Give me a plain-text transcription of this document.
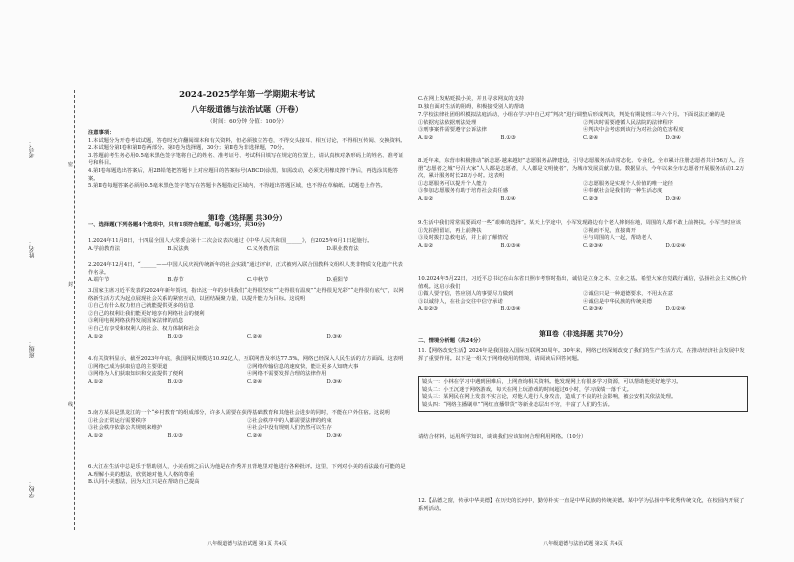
考号：
姓名：
班级：
学校：
密
封
线
2024-2025学年第一学期期末考试
八年级道德与法治试题（开卷）
（时间：60分钟 分值：100分）

注意事项：

1.本试题分为开卷考试试题，答卷时允许翻阅课本和有关资料，但必须独立答卷，不得交头接耳、相互讨论，不得相互传阅、交换资料。

2.本试题分第Ⅰ卷和第Ⅱ卷两部分。第Ⅰ卷为选择题，30分；第Ⅱ卷为非选择题，70分。

3.答题前考生务必用0.5毫米黑色签字笔将自己的姓名、准考证号、考试科目填写在规定的位置上，请认真核对条形码上的姓名、准考证号和科目。

4.第Ⅰ卷每题选出答案后，用2B铅笔把答题卡上对应题目的答案标号(ABCD)涂黑，如需改动，必须先用橡皮擦干净后，再选涂其他答案。

5.第Ⅱ卷每题答案必须用0.5毫米黑色签字笔写在答题卡各题指定区域内，不得超出答题区域，也不得在草稿纸、试题卷上作答。

第Ⅰ卷（选择题 共30分）

一、选择题(下列各题4个选项中，只有1项符合题意，每小题3分，共30分)

1.2024年11月8日，十四届全国人大常委会第十二次会议表决通过《中华人民共和国______》，自2025年6月1日起施行。

A.学前教育法	B.民法典	C.义务教育法	D.职业教育法

2.2024年12月4日，“______——中国人民庆祝传统新年的社会实践”通过评审，正式被列入联合国教科文组织人类非物质文化遗产代表作名录。

A.端午节	B.春节	C.中秋节	D.重阳节

3.国家主席习近平发表的2024年新年贺词，指出这一年的步伐我们“走得很坚实”“走得很有温度”“走得很见光彩”“走得很有底气”，以网络新生活方式为起点展现社会关系的紧密互动，以团结凝聚力量，以提升能力为目标。这说明

①自己有什么权力但自己就能提供更多的信息

②自己的权利让我们能更好地享有网络社会的便利

③利用电视网络获得发展国家法律的消息

④自己有享受和权利人的社会、权力体制和社会

A.①②	B.①③	C.②④	D.③④

4.有关资料显示，截至2023年年底，我国网民规模达10.92亿人，互联网普及率达77.5%。网络已经深入人民生活的方方面面。这表明

①网络已成为获取信息的主要渠道	②网络传输信息的速度快，能让更多人知晓大事
③网络为人们获取知识和交流提供了便利	④网络不需要发挥合理的法律作用
A.①②	B.①③	C.②④	D.③④

5.南方某县是黑龙江的一个“乡村教育”的组成部分，许多人需要在获得基础教育和其他社会进步的同时，不能在户外住宿。这说明

①社会正常运行需要秩序	②社会秩序中的人都需要法律的约束
③社会秩序依靠公共规则来维护	④社会中没有规则人们仍然可以生存
A.①②	B.①③	C.②④	D.③④

6.大江在生活中总是乐于帮助别人，小美看到之后认为他是在作秀并且背地里对他进行各种批评。这里，下列对小美的看法最有可能的是

A.理解小美的想法，欣赏她对他人人格的尊重

B.认同小美想法，因为大江只是在帮助自己提高

八年级道德与法治试题 第1页 共4页

C.在网上发帖贬损小美，并且寻求网友的支持

D.独自面对生活的阻碍，积极接受别人的帮助

7.学校法律社团组织模拟法庭活动，小组在学习中自己对“判决”进行调整后形成判决，判处有期徒刑三年六个月。下面说法正确的是

①依据宪法依据刑法处理	②判决时需要遵循人民法院的法律程序
③刑事案件需要遵守公诉法律	④判决中会考虑到该行为对社会的危害程度
A.①②	B.①③	C.②④	D.③④

8.近年来，东营市积极推动“新志愿·越来越好”志愿服务品牌建设，引导志愿服务活动常态化、专业化。全市累计注册志愿者共计56万人。注册“志愿者之城”号召大家“人人都是志愿者，人人都是文明使者”，为城市发展贡献力量。数据显示，今年以来全市志愿者开展服务活动1.2万次，累计服务时长28万小时。这表明

①志愿服务可以提升个人能力	②志愿服务是实现个人价值的唯一途径
③参加志愿服务有助于培育社会责任感	④奉献社会是我们的一种生活态度
A.①②	B.①④	C.②③	D.③④

9.生活中我们常常需要面对一些“艰难的选择”。某天上学途中，小军发现路边有个老人摔倒在地，周围的人都不敢上前搀扶。小军当时应该

①先拍照留证，再上前搀扶	②视而不见，直接离开
③及时拨打急救电话，并上前了解情况	④与周围的人一起，帮助老人
A.①②	B.①③④	C.②③④	D.①②④

10.2024年5月22日，习近平总书记在山东省日照市考察时指出，诚信是立身之本、立业之基。希望大家自觉践行诚信，弘扬社会主义核心价值观。这启示我们

①做人要守信，答应别人的事要尽力做到	②诚信只是一种道德要求，不用太在意
③以诚待人，在社会交往中信守承诺	④诚信是中华民族的传统美德
A.①②③	B.①③④	C.②③④	D.①②④

第Ⅱ卷（非选择题 共70分）

二、情境分析题（共24分）

11.【网络改变生活】2024年是我国接入国际互联网30周年。30年来，网络已经深刻改变了我们的生产生活方式，在推动经济社会发展中发挥了重要作用。以下是一组关于网络使用的情境，请阅读后回答问题。

镜头一：小林在学习中遇到困难后，上网查询相关资料。他发现网上有很多学习资源，可以帮助他更好地学习。

镜头二：小王沉迷于网络游戏，每天在网上玩游戏的时间超过6小时，学习成绩一落千丈。

镜头三：某网民在网上发表不实言论，对他人进行人身攻击，造成了不良的社会影响，被公安机关依法处理。

镜头四：“网络主播刷单”“网红直播带货”等新业态层出不穷，丰富了人们的生活。

请结合材料，运用所学知识，谈谈我们应该如何合理利用网络。（10分）

12.【品德之窗，传承中华美德】在历史的长河中，勤劳朴实一直是中华民族的传统美德。某中学为弘扬中华优秀传统文化，在校园内开展了系列活动。

八年级道德与法治试题 第2页 共4页
